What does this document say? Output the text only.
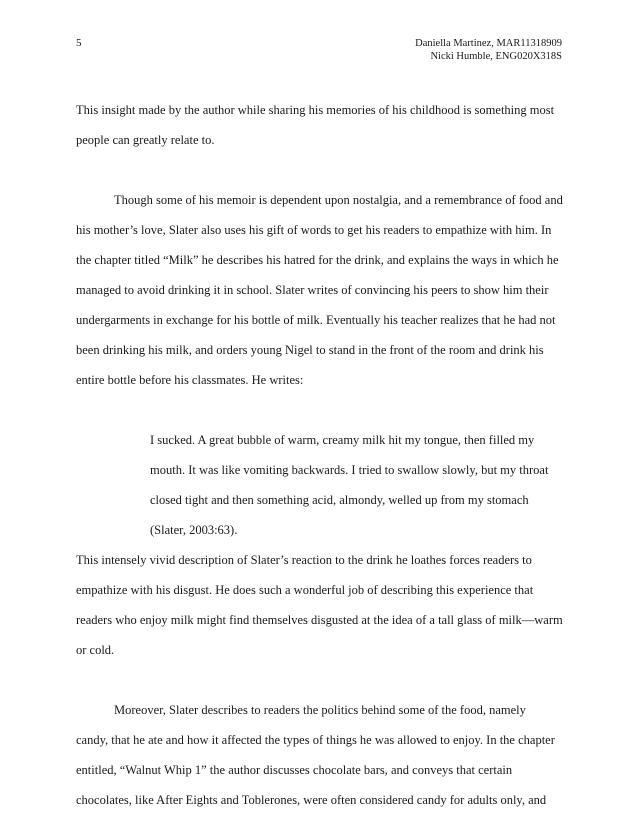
5	Daniella Martinez, MAR11318909
Nicki Humble, ENG020X318S
This insight made by the author while sharing his memories of his childhood is something most
people can greatly relate to.
Though some of his memoir is dependent upon nostalgia, and a remembrance of food and
his mother’s love, Slater also uses his gift of words to get his readers to empathize with him. In
the chapter titled “Milk” he describes his hatred for the drink, and explains the ways in which he
managed to avoid drinking it in school. Slater writes of convincing his peers to show him their
undergarments in exchange for his bottle of milk. Eventually his teacher realizes that he had not
been drinking his milk, and orders young Nigel to stand in the front of the room and drink his
entire bottle before his classmates. He writes:
I sucked. A great bubble of warm, creamy milk hit my tongue, then filled my
mouth. It was like vomiting backwards. I tried to swallow slowly, but my throat
closed tight and then something acid, almondy, welled up from my stomach
(Slater, 2003:63).
This intensely vivid description of Slater’s reaction to the drink he loathes forces readers to
empathize with his disgust. He does such a wonderful job of describing this experience that
readers who enjoy milk might find themselves disgusted at the idea of a tall glass of milk—warm
or cold.
Moreover, Slater describes to readers the politics behind some of the food, namely
candy, that he ate and how it affected the types of things he was allowed to enjoy. In the chapter
entitled, “Walnut Whip 1” the author discusses chocolate bars, and conveys that certain
chocolates, like After Eights and Toblerones, were often considered candy for adults only, and
